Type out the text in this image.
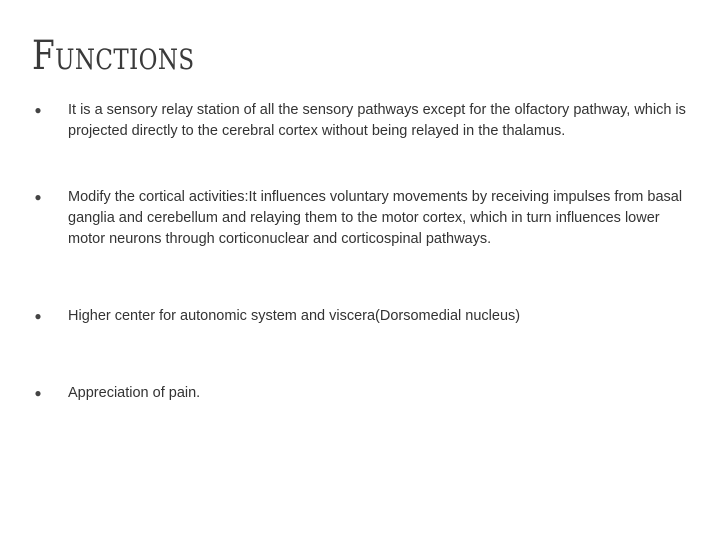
Functions
● It is a sensory relay station of all the sensory pathways except for the olfactory pathway, which is projected directly to the cerebral cortex without being relayed in the thalamus.
● Modify the cortical activities:It influences voluntary movements by receiving impulses from basal ganglia and cerebellum and relaying them to the motor cortex, which in turn influences lower motor neurons through corticonuclear and corticospinal pathways.
● Higher center for autonomic system and viscera(Dorsomedial nucleus)
● Appreciation of pain.
